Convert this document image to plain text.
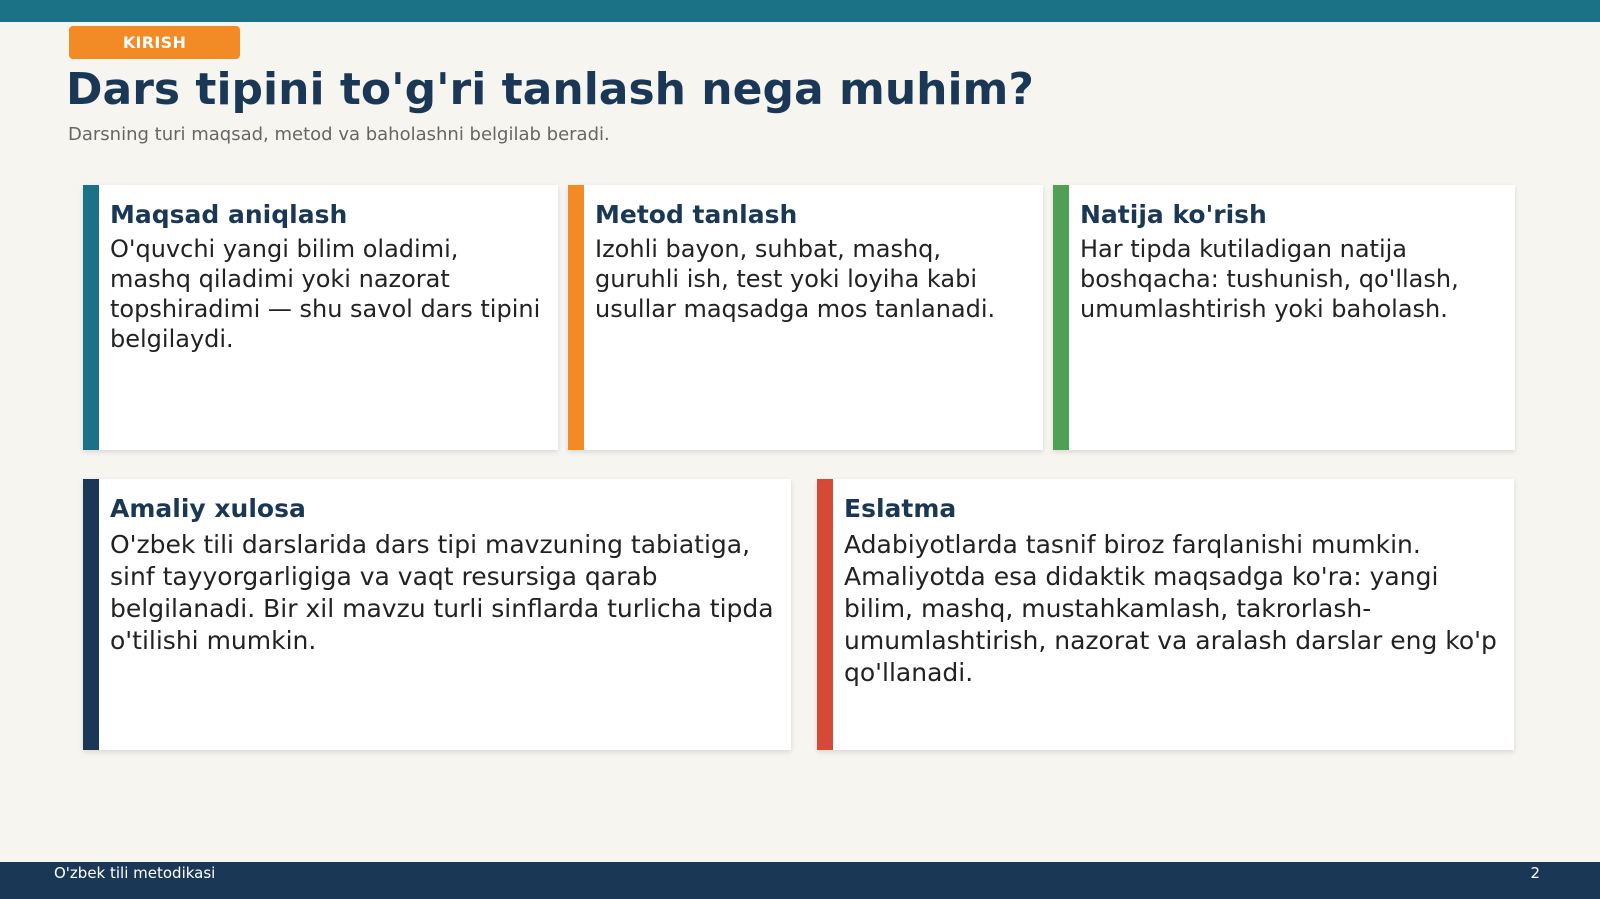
KIRISH
Dars tipini to'g'ri tanlash nega muhim?
Darsning turi maqsad, metod va baholashni belgilab beradi.
Maqsad aniqlash

O'quvchi yangi bilim oladimi, mashq qiladimi yoki nazorat topshiradimi — shu savol dars tipini belgilaydi.

Metod tanlash

Izohli bayon, suhbat, mashq, guruhli ish, test yoki loyiha kabi usullar maqsadga mos tanlanadi.

Natija ko'rish

Har tipda kutiladigan natija boshqacha: tushunish, qo'llash, umumlashtirish yoki baholash.

Amaliy xulosa

O'zbek tili darslarida dars tipi mavzuning tabiatiga, sinf tayyorgarligiga va vaqt resursiga qarab belgilanadi. Bir xil mavzu turli sinflarda turlicha tipda o'tilishi mumkin.

Eslatma

Adabiyotlarda tasnif biroz farqlanishi mumkin. Amaliyotda esa didaktik maqsadga ko'ra: yangi bilim, mashq, mustahkamlash, takrorlash-umumlashtirish, nazorat va aralash darslar eng ko'p qo'llanadi.

O'zbek tili metodikasi	2
